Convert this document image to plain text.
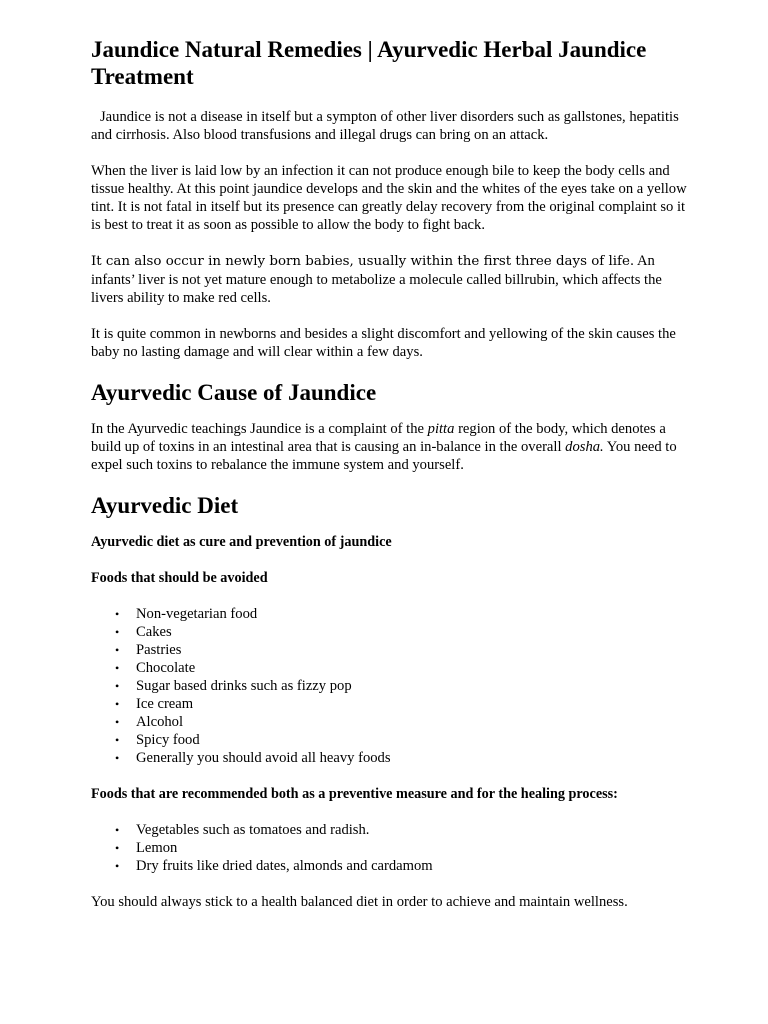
Jaundice Natural Remedies | Ayurvedic Herbal Jaundice Treatment

Jaundice is not a disease in itself but a sympton of other liver disorders such as gallstones, hepatitis and cirrhosis. Also blood transfusions and illegal drugs can bring on an attack.

When the liver is laid low by an infection it can not produce enough bile to keep the body cells and tissue healthy. At this point jaundice develops and the skin and the whites of the eyes take on a yellow tint. It is not fatal in itself but its presence can greatly delay recovery from the original complaint so it is best to treat it as soon as possible to allow the body to fight back.

It can also occur in newly born babies, usually within the first three days of life. An infants’ liver is not yet mature enough to metabolize a molecule called billrubin, which affects the livers ability to make red cells.

It is quite common in newborns and besides a slight discomfort and yellowing of the skin causes the baby no lasting damage and will clear within a few days.

Ayurvedic Cause of Jaundice

In the Ayurvedic teachings Jaundice is a complaint of the pitta region of the body, which denotes a build up of toxins in an intestinal area that is causing an in-balance in the overall dosha. You need to expel such toxins to rebalance the immune system and yourself.

Ayurvedic Diet

Ayurvedic diet as cure and prevention of jaundice

Foods that should be avoided

• Non-vegetarian food
• Cakes
• Pastries
• Chocolate
• Sugar based drinks such as fizzy pop
• Ice cream
• Alcohol
• Spicy food
• Generally you should avoid all heavy foods

Foods that are recommended both as a preventive measure and for the healing process:

• Vegetables such as tomatoes and radish.
• Lemon
• Dry fruits like dried dates, almonds and cardamom

You should always stick to a health balanced diet in order to achieve and maintain wellness.
